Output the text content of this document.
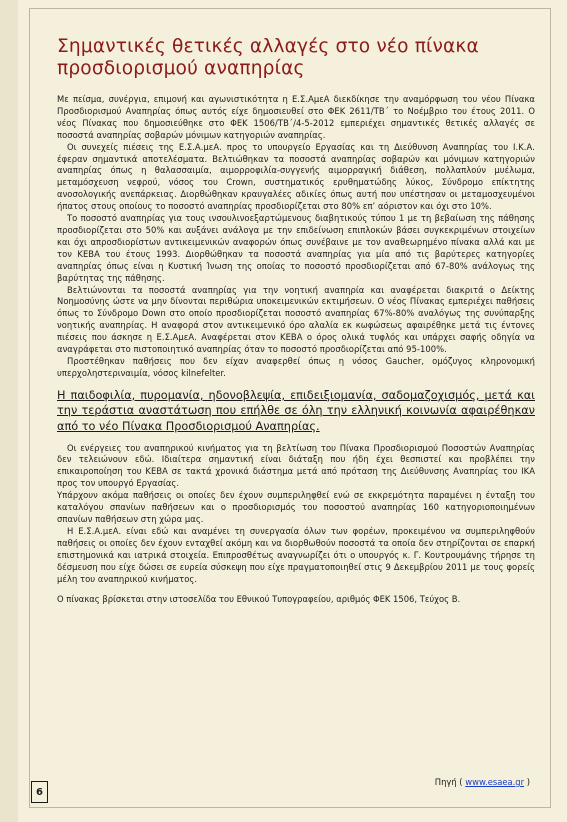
Σημαντικές θετικές αλλαγές στο νέο πίνακα προσδιορισμού αναπηρίας

Με πείσμα, συνέργια, επιμονή και αγωνιστικότητα η Ε.Σ.ΑμεΑ διεκδίκησε την αναμόρφωση του νέου Πίνακα Προσδιορισμού Αναπηρίας όπως αυτός είχε δημοσιευθεί στο ΦΕΚ 2611/ΤΒ΄ το Νοέμβριο του έτους 2011. Ο νέος Πίνακας που δημοσιεύθηκε στο ΦΕΚ 1506/ΤΒ΄/4-5-2012 εμπεριέχει σημαντικές θετικές αλλαγές σε ποσοστά αναπηρίας σοβαρών μόνιμων κατηγοριών αναπηρίας.

Οι συνεχείς πιέσεις της Ε.Σ.Α.μεΑ. προς το υπουργείο Εργασίας και τη Διεύθυνση Αναπηρίας του Ι.Κ.Α. έφεραν σημαντικά αποτελέσματα. Βελτιώθηκαν τα ποσοστά αναπηρίας σοβαρών και μόνιμων κατηγοριών αναπηρίας όπως η θαλασσαιμία, αιμορροφιλία-συγγενής αιμορραγική διάθεση, πολλαπλούν μυέλωμα, μεταμόσχευση νεφρού, νόσος του Crown, συστηματικός ερυθηματώδης λύκος, Σύνδρομο επίκτητης ανοσολογικής ανεπάρκειας. Διορθώθηκαν κραυγαλέες αδικίες όπως αυτή που υπέστησαν οι μεταμοσχευμένοι ήπατος στους οποίους το ποσοστό αναπηρίας προσδιορίζεται στο 80% επ’ αόριστον και όχι στο 10%.

Το ποσοστό αναπηρίας για τους ινσουλινοεξαρτώμενους διαβητικούς τύπου 1 με τη βεβαίωση της πάθησης προσδιορίζεται στο 50% και αυξάνει ανάλογα με την επιδείνωση επιπλοκών βάσει συγκεκριμένων στοιχείων και όχι απροσδιορίστων αντικειμενικών αναφορών όπως συνέβαινε με τον αναθεωρημένο πίνακα αλλά και με τον ΚΕΒΑ του έτους 1993. Διορθώθηκαν τα ποσοστά αναπηρίας για μία από τις βαρύτερες κατηγορίες αναπηρίας όπως είναι η Κυστική Ίνωση της οποίας το ποσοστό προσδιορίζεται από 67-80% ανάλογως της βαρύτητας της πάθησης.

Βελτιώνονται τα ποσοστά αναπηρίας για την νοητική αναπηρία και αναφέρεται διακριτά ο Δείκτης Νοημοσύνης ώστε να μην δίνονται περιθώρια υποκειμενικών εκτιμήσεων. Ο νέος Πίνακας εμπεριέχει παθήσεις όπως το Σύνδρομο Down στο οποίο προσδιορίζεται ποσοστό αναπηρίας 67%-80% αναλόγως της συνύπαρξης νοητικής αναπηρίας. Η αναφορά στον αντικειμενικό όρο αλαλία εκ κωφώσεως αφαιρέθηκε μετά τις έντονες πιέσεις που άσκησε η Ε.Σ.ΑμεΑ. Αναφέρεται στον ΚΕΒΑ ο όρος ολικά τυφλός και υπάρχει σαφής οδηγία να αναγράφεται στο πιστοποιητικό αναπηρίας όταν το ποσοστό προσδιορίζεται από 95-100%.

Προστέθηκαν παθήσεις που δεν είχαν αναφερθεί όπως η νόσος Gaucher, ομόζυγος κληρονομική υπερχοληστεριναιμία, νόσος kilnefelter.

Η παιδοφιλία, πυρομανία, ηδονοβλεψία, επιδειξιομανία, σαδομαζοχισμός, μετά και την τεράστια αναστάτωση που επήλθε σε όλη την ελληνική κοινωνία αφαιρέθηκαν από το νέο Πίνακα Προσδιορισμού Αναπηρίας.

Οι ενέργειες του αναπηρικού κινήματος για τη βελτίωση του Πίνακα Προσδιορισμού Ποσοστών Αναπηρίας δεν τελειώνουν εδώ. Ιδιαίτερα σημαντική είναι διάταξη που ήδη έχει θεσπιστεί και προβλέπει την επικαιροποίηση του ΚΕΒΑ σε τακτά χρονικά διάστημα μετά από πρόταση της Διεύθυνσης Αναπηρίας του ΙΚΑ προς τον υπουργό Εργασίας.

Υπάρχουν ακόμα παθήσεις οι οποίες δεν έχουν συμπεριληφθεί ενώ σε εκκρεμότητα παραμένει η ένταξη του καταλόγου σπανίων παθήσεων και ο προσδιορισμός του ποσοστού αναπηρίας 160 κατηγοριοποιημένων σπανίων παθήσεων στη χώρα μας.

Η Ε.Σ.Α.μεΑ. είναι εδώ και αναμένει τη συνεργασία όλων των φορέων, προκειμένου να συμπεριληφθούν παθήσεις οι οποίες δεν έχουν ενταχθεί ακόμη και να διορθωθούν ποσοστά τα οποία δεν στηρίζονται σε επαρκή επιστημονικά και ιατρικά στοιχεία. Επιπροσθέτως αναγνωρίζει ότι ο υπουργός κ. Γ. Κουτρουμάνης τήρησε τη δέσμευση που είχε δώσει σε ευρεία σύσκεψη που είχε πραγματοποιηθεί στις 9 Δεκεμβρίου 2011 με τους φορείς μέλη του αναπηρικού κινήματος.

Ο πίνακας βρίσκεται στην ιστοσελίδα του Εθνικού Τυπογραφείου, αριθμός ΦΕΚ 1506, Τεύχος Β.

Πηγή ( www.esaea.gr )
6
